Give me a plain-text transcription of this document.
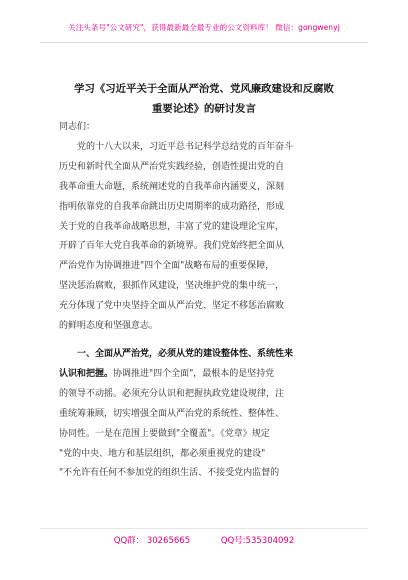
关注头条号"公文研究"，获得最新最全最专业的公文资料库！ 微信：gongwenyj
学习《习近平关于全面从严治党、党风廉政建设和反腐败
重要论述》的研讨发言

同志们：

党的十八大以来，习近平总书记科学总结党的百年奋斗
历史和新时代全面从严治党实践经验，创造性提出党的自
我革命重大命题，系统阐述党的自我革命内涵要义，深刻
指明依靠党的自我革命跳出历史周期率的成功路径，形成
关于党的自我革命战略思想，丰富了党的建设理论宝库，
开辟了百年大党自我革命的新境界。我们党始终把全面从
严治党作为协调推进"四个全面"战略布局的重要保障，
坚决惩治腐败，狠抓作风建设，坚决维护党的集中统一，
充分体现了党中央坚持全面从严治党、坚定不移惩治腐败
的鲜明态度和坚强意志。

一、全面从严治党，必须从党的建设整体性、系统性来
认识和把握。协调推进"四个全面"，最根本的是坚持党
的领导不动摇。必须充分认识和把握执政党建设规律，注
重统筹兼顾，切实增强全面从严治党的系统性、整体性、
协同性。一是在范围上要做到"全覆盖"。《党章》规定
"党的中央、地方和基层组织，都必须重视党的建设"
"不允许有任何不参加党的组织生活、不接受党内监督的

QQ群： 30265665	QQ号:535304092
